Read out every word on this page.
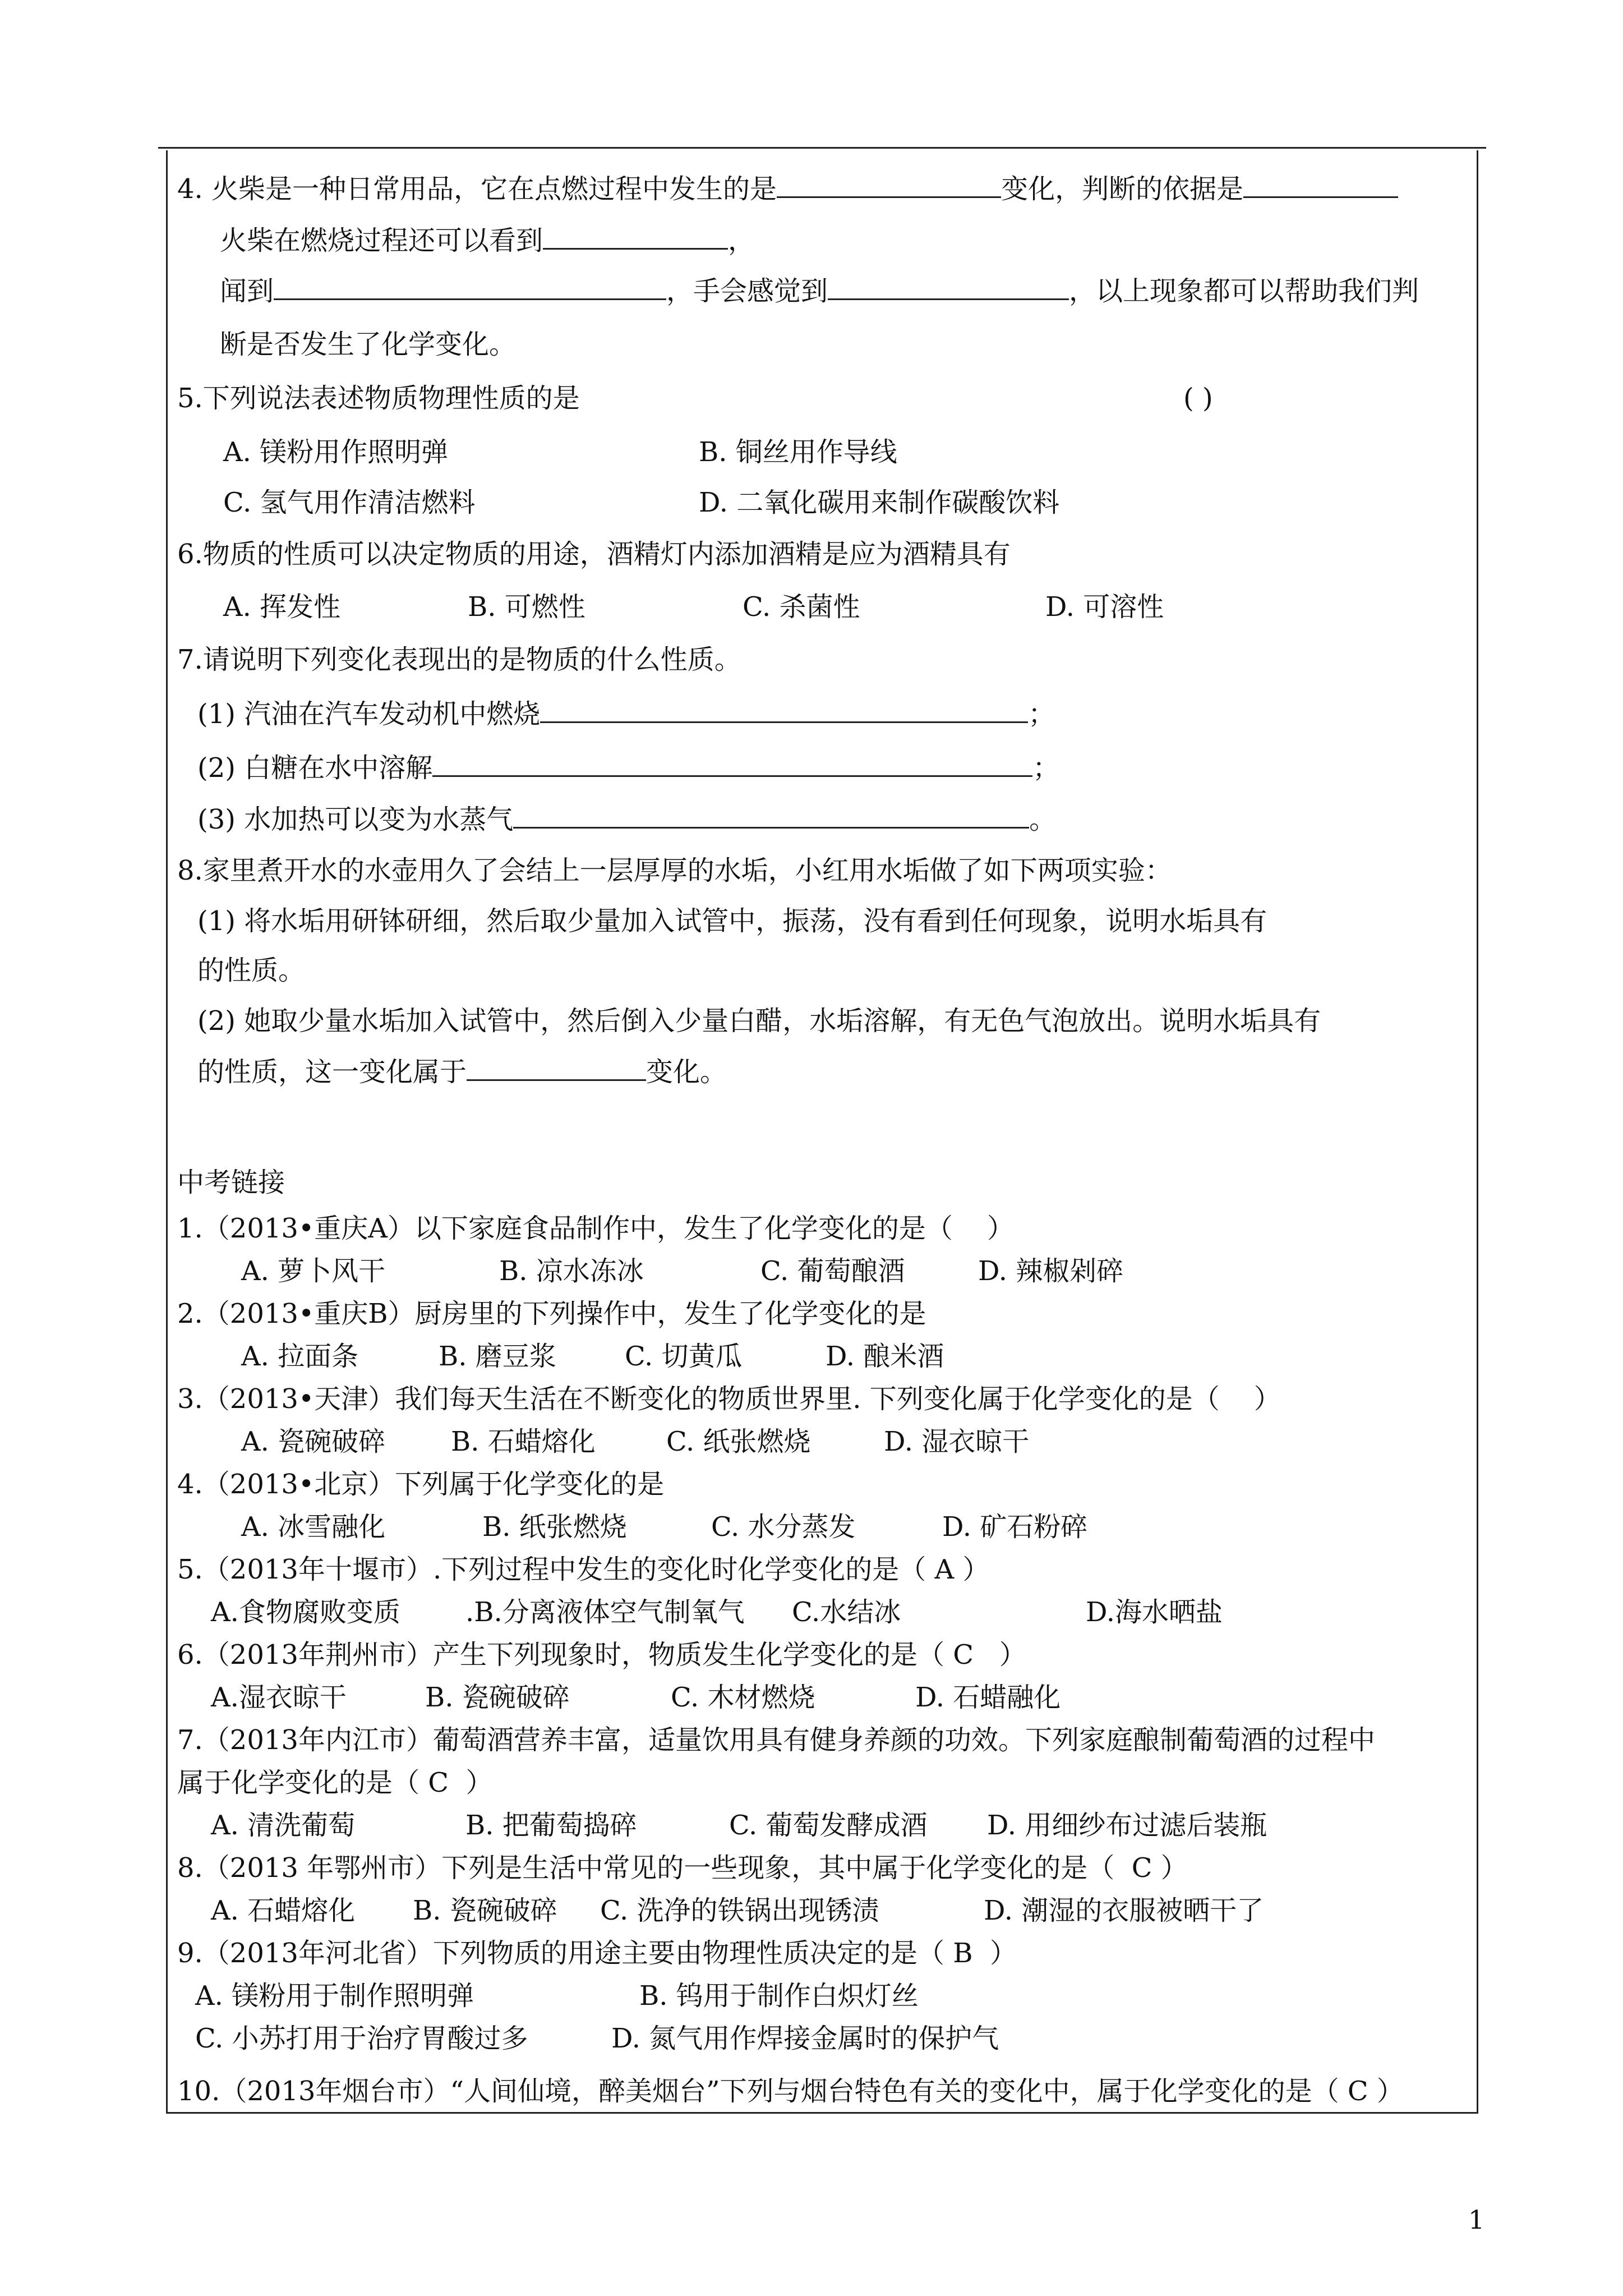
4. 火柴是一种日常用品，它在点燃过程中发生的是	变化，判断的依据是
火柴在燃烧过程还可以看到	，
闻到	，手会感觉到	，以上现象都可以帮助我们判
断是否发生了化学变化。
5.下列说法表述物质物理性质的是	( )
A. 镁粉用作照明弹	B. 铜丝用作导线
C. 氢气用作清洁燃料	D. 二氧化碳用来制作碳酸饮料
6.物质的性质可以决定物质的用途，酒精灯内添加酒精是应为酒精具有
A. 挥发性	B. 可燃性	C. 杀菌性	D. 可溶性
7.请说明下列变化表现出的是物质的什么性质。
(1) 汽油在汽车发动机中燃烧	；
(2) 白糖在水中溶解	；
(3) 水加热可以变为水蒸气	。
8.家里煮开水的水壶用久了会结上一层厚厚的水垢，小红用水垢做了如下两项实验：
(1) 将水垢用研钵研细，然后取少量加入试管中，振荡，没有看到任何现象，说明水垢具有
的性质。
(2) 她取少量水垢加入试管中，然后倒入少量白醋，水垢溶解，有无色气泡放出。说明水垢具有
的性质，这一变化属于	变化。
中考链接
1.（2013•重庆A）以下家庭食品制作中，发生了化学变化的是（    ）
A. 萝卜风干	B. 凉水冻冰	C. 葡萄酿酒	D. 辣椒剁碎
2.（2013•重庆B）厨房里的下列操作中，发生了化学变化的是
A. 拉面条	B. 磨豆浆	C. 切黄瓜	D. 酿米酒
3.（2013•天津）我们每天生活在不断变化的物质世界里. 下列变化属于化学变化的是（    ）
A. 瓷碗破碎 B. 石蜡熔化	C. 纸张燃烧	D. 湿衣晾干
4.（2013•北京）下列属于化学变化的是
A. 冰雪融化	B. 纸张燃烧	C. 水分蒸发	D. 矿石粉碎
5.（2013年十堰市）.下列过程中发生的变化时化学变化的是（ A ）
A.食物腐败变质 .B.分离液体空气制氧气 C.水结冰	D.海水晒盐
6.（2013年荆州市）产生下列现象时，物质发生化学变化的是（ C   ）
A.湿衣晾干	B. 瓷碗破碎	C. 木材燃烧	D. 石蜡融化
7.（2013年内江市）葡萄酒营养丰富，适量饮用具有健身养颜的功效。下列家庭酿制葡萄酒的过程中
属于化学变化的是（ C  ）
A. 清洗葡萄	B. 把葡萄捣碎	C. 葡萄发酵成酒 D. 用细纱布过滤后装瓶
8.（2013 年鄂州市）下列是生活中常见的一些现象，其中属于化学变化的是（  C ）
A. 石蜡熔化 B. 瓷碗破碎 C. 洗净的铁锅出现锈渍	D. 潮湿的衣服被晒干了
9.（2013年河北省）下列物质的用途主要由物理性质决定的是（ B  ）
A. 镁粉用于制作照明弹	B. 钨用于制作白炽灯丝
C. 小苏打用于治疗胃酸过多	D. 氮气用作焊接金属时的保护气
10.（2013年烟台市）“人间仙境，醉美烟台”下列与烟台特色有关的变化中，属于化学变化的是（ C ）
1
